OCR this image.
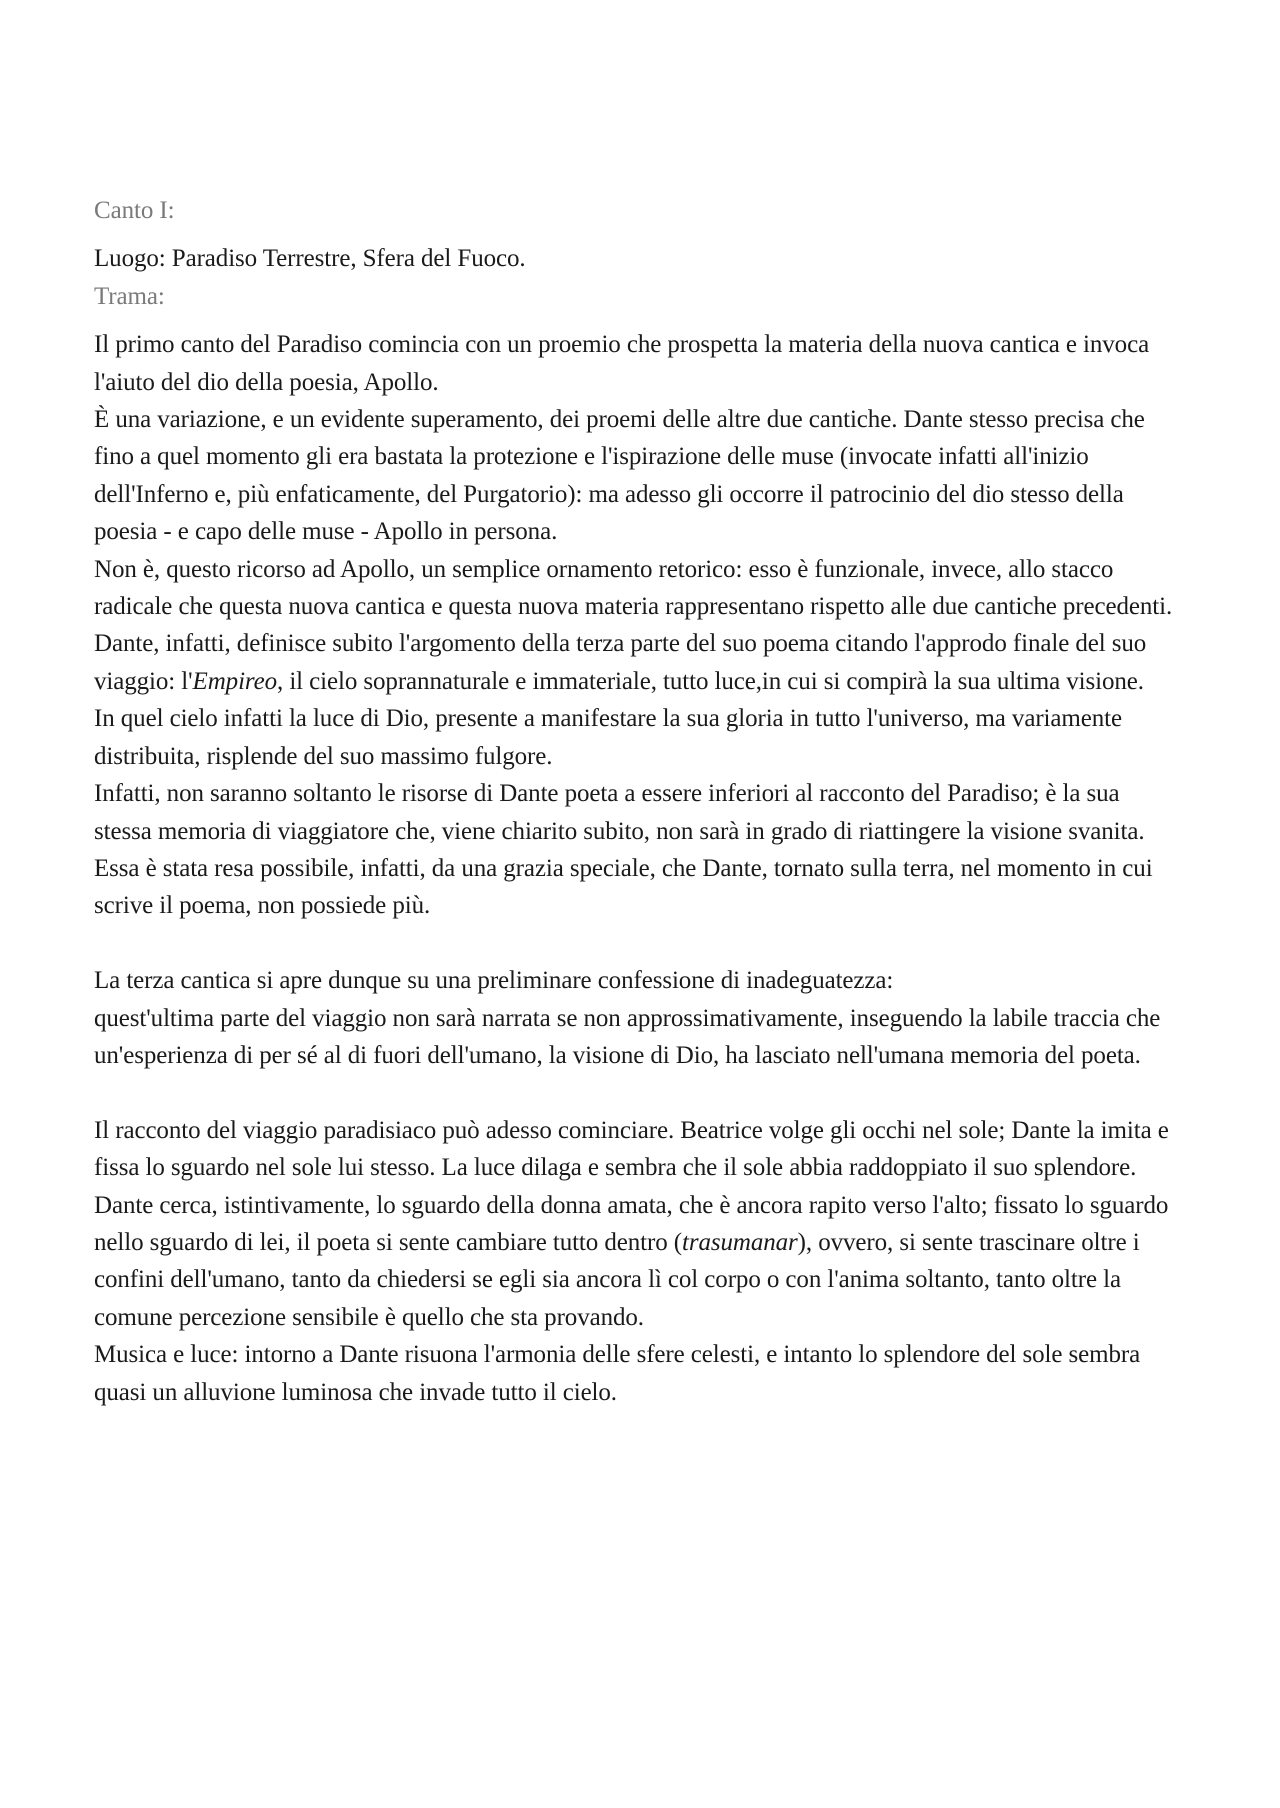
Canto I:

Luogo: Paradiso Terrestre, Sfera del Fuoco.

Trama:

Il primo canto del Paradiso comincia con un proemio che prospetta la materia della nuova cantica e invoca l'aiuto del dio della poesia, Apollo.

È una variazione, e un evidente superamento, dei proemi delle altre due cantiche. Dante stesso precisa che fino a quel momento gli era bastata la protezione e l'ispirazione delle muse (invocate infatti all'inizio dell'Inferno e, più enfaticamente, del Purgatorio): ma adesso gli occorre il patrocinio del dio stesso della poesia - e capo delle muse - Apollo in persona.

Non è, questo ricorso ad Apollo, un semplice ornamento retorico: esso è funzionale, invece, allo stacco radicale che questa nuova cantica e questa nuova materia rappresentano rispetto alle due cantiche precedenti.

Dante, infatti, definisce subito l'argomento della terza parte del suo poema citando l'approdo finale del suo viaggio: l'Empireo, il cielo soprannaturale e immateriale, tutto luce,in cui si compirà la sua ultima visione.

In quel cielo infatti la luce di Dio, presente a manifestare la sua gloria in tutto l'universo, ma variamente distribuita, risplende del suo massimo fulgore.

Infatti, non saranno soltanto le risorse di Dante poeta a essere inferiori al racconto del Paradiso; è la sua stessa memoria di viaggiatore che, viene chiarito subito, non sarà in grado di riattingere la visione svanita. Essa è stata resa possibile, infatti, da una grazia speciale, che Dante, tornato sulla terra, nel momento in cui scrive il poema, non possiede più.

La terza cantica si apre dunque su una preliminare confessione di inadeguatezza:

quest'ultima parte del viaggio non sarà narrata se non approssimativamente, inseguendo la labile traccia che un'esperienza di per sé al di fuori dell'umano, la visione di Dio, ha lasciato nell'umana memoria del poeta.

Il racconto del viaggio paradisiaco può adesso cominciare. Beatrice volge gli occhi nel sole; Dante la imita e fissa lo sguardo nel sole lui stesso. La luce dilaga e sembra che il sole abbia raddoppiato il suo splendore.

Dante cerca, istintivamente, lo sguardo della donna amata, che è ancora rapito verso l'alto; fissato lo sguardo nello sguardo di lei, il poeta si sente cambiare tutto dentro (trasumanar), ovvero, si sente trascinare oltre i confini dell'umano, tanto da chiedersi se egli sia ancora lì col corpo o con l'anima soltanto, tanto oltre la comune percezione sensibile è quello che sta provando.

Musica e luce: intorno a Dante risuona l'armonia delle sfere celesti, e intanto lo splendore del sole sembra quasi un alluvione luminosa che invade tutto il cielo.
